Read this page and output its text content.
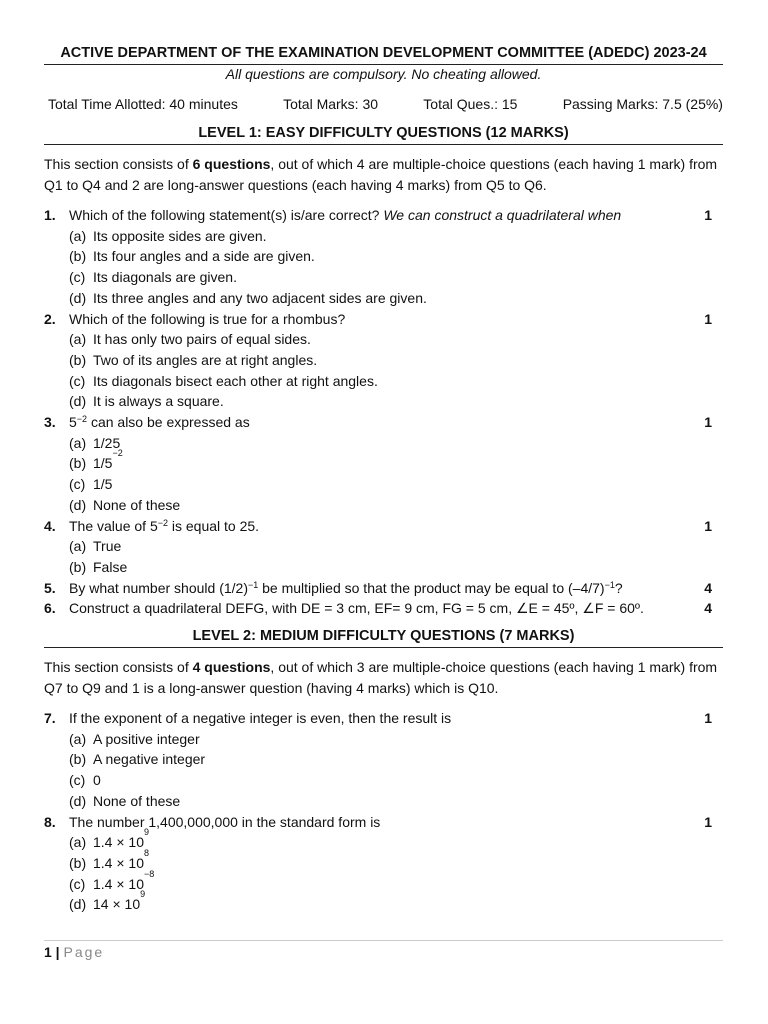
ACTIVE DEPARTMENT OF THE EXAMINATION DEVELOPMENT COMMITTEE (ADEDC) 2023-24
All questions are compulsory. No cheating allowed.
Total Time Allotted: 40 minutes	Total Marks: 30	Total Ques.: 15	Passing Marks: 7.5 (25%)
LEVEL 1: EASY DIFFICULTY QUESTIONS (12 MARKS)
This section consists of 6 questions, out of which 4 are multiple-choice questions (each having 1 mark) from Q1 to Q4 and 2 are long-answer questions (each having 4 marks) from Q5 to Q6.
1. Which of the following statement(s) is/are correct? We can construct a quadrilateral when	1
(a) Its opposite sides are given.
(b) Its four angles and a side are given.
(c) Its diagonals are given.
(d) Its three angles and any two adjacent sides are given.
2. Which of the following is true for a rhombus?	1
(a) It has only two pairs of equal sides.
(b) Two of its angles are at right angles.
(c) Its diagonals bisect each other at right angles.
(d) It is always a square.
3. $5^{-2}$ can also be expressed as	1
(a) 1/25
(b) 1/5
−2
(c) 1/5
(d) None of these
4. The value of $5^{-2}$ is equal to 25.	1
(a) True
(b) False
5. By what number should $(1/2)^{-1}$ be multiplied so that the product may be equal to $(-4/7)^{-1}$?	4
6. Construct a quadrilateral DEFG, with DE = 3 cm, EF= 9 cm, FG = 5 cm, ∠E = 45º, ∠F = 60º.	4
LEVEL 2: MEDIUM DIFFICULTY QUESTIONS (7 MARKS)
This section consists of 4 questions, out of which 3 are multiple-choice questions (each having 1 mark) from Q7 to Q9 and 1 is a long-answer question (having 4 marks) which is Q10.
7. If the exponent of a negative integer is even, then the result is	1
(a) A positive integer
(b) A negative integer
(c) 0
(d) None of these
8. The number 1,400,000,000 in the standard form is	1
(a) 1.4 × 10
9
(b) 1.4 × 10
8
(c) 1.4 × 10
−8
(d) 14 × 10
9
1 | Page
